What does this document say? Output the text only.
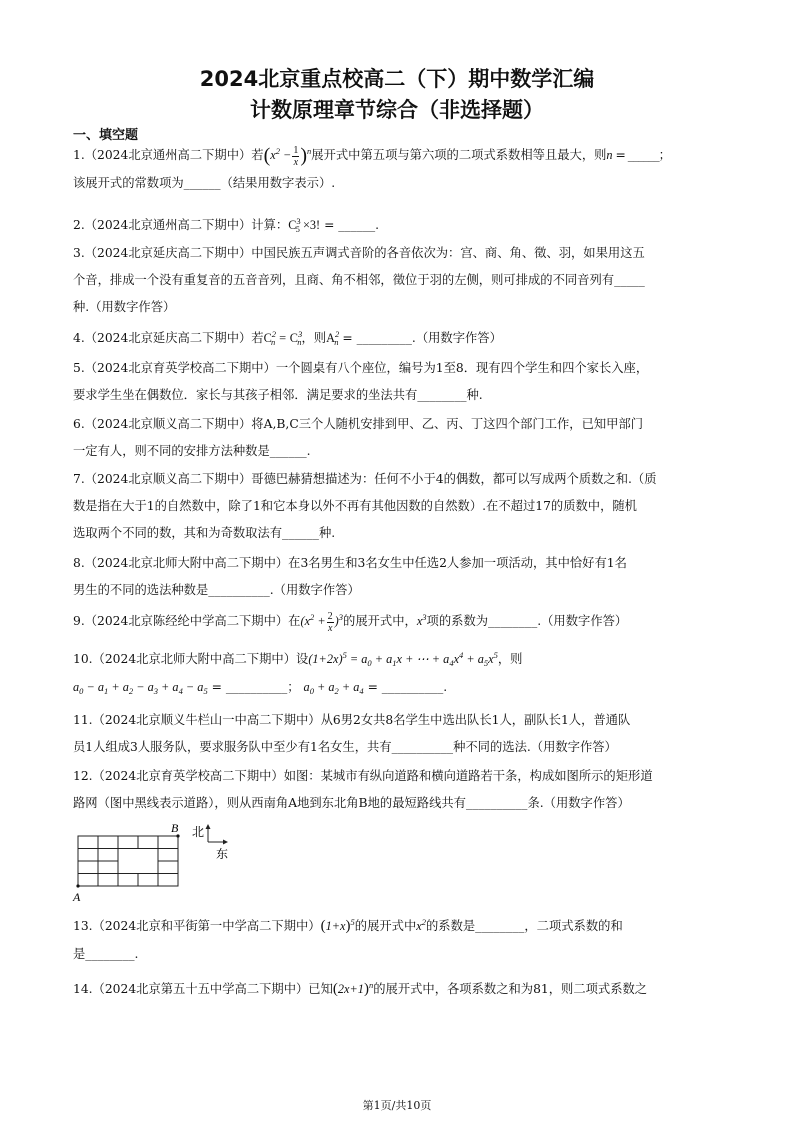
2024北京重点校高二（下）期中数学汇编
计数原理章节综合（非选择题）
一、填空题
1.（2024北京通州高二下期中）若$(x^2 - \frac{1}{x} )^n$展开式中第五项与第六项的二项式系数相等且最大，则n = ______；
该展开式的常数项为______（结果用数字表示）.
2.（2024北京通州高二下期中）计算：$C^3_5 \times 3$! = ______.
3.（2024北京延庆高二下期中）中国民族五声调式音阶的各音依次为：宫、商、角、徵、羽，如果用这五
个音，排成一个没有重复音的五音音列，且商、角不相邻，徵位于羽的左侧，则可排成的不同音列有_____
种.（用数字作答）
4.（2024北京延庆高二下期中）若$C^2_n = C^3_n$，则$A^2_n$ = _________.（用数字作答）
5.（2024北京育英学校高二下期中）一个圆桌有八个座位，编号为1至8．现有四个学生和四个家长入座，
要求学生坐在偶数位．家长与其孩子相邻．满足要求的坐法共有________种.
6.（2024北京顺义高二下期中）将A,B,C三个人随机安排到甲、乙、丙、丁这四个部门工作，已知甲部门
一定有人，则不同的安排方法种数是______.
7.（2024北京顺义高二下期中）哥德巴赫猜想描述为：任何不小于4的偶数，都可以写成两个质数之和.（质
数是指在大于1的自然数中，除了1和它本身以外不再有其他因数的自然数）.在不超过17的质数中，随机
选取两个不同的数，其和为奇数取法有______种.
8.（2024北京北师大附中高二下期中）在3名男生和3名女生中任选2人参加一项活动，其中恰好有1名
男生的不同的选法种数是__________.（用数字作答）
9.（2024北京陈经纶中学高二下期中）在$(x^2 + \frac{2}{x} )^3$的展开式中，$x^3$项的系数为________.（用数字作答）
10.（2024北京北师大附中高二下期中）设$(1+2x)^5 = a_0 + a_1x$ + ⋯ + $a_4x^4 + a_5x^5$，则
$a_0 - a_1 + a_2 - a_3 + a_4 - a_5$ = __________； $a_0 + a_2 + a_4$ = __________.
11.（2024北京顺义牛栏山一中高二下期中）从6男2女共8名学生中选出队长1人，副队长1人，普通队
员1人组成3人服务队，要求服务队中至少有1名女生，共有__________种不同的选法.（用数字作答）
12.（2024北京育英学校高二下期中）如图：某城市有纵向道路和横向道路若干条，构成如图所示的矩形道
路网（图中黑线表示道路），则从西南角A地到东北角B地的最短路线共有__________条.（用数字作答）
B
A
北
东
13.（2024北京和平街第一中学高二下期中）$(1+x)^5$的展开式中$x^2$的系数是________，二项式系数的和
是________.
14.（2024北京第五十五中学高二下期中）已知$(2x+1)^n$的展开式中，各项系数之和为81，则二项式系数之
第1页/共10页
